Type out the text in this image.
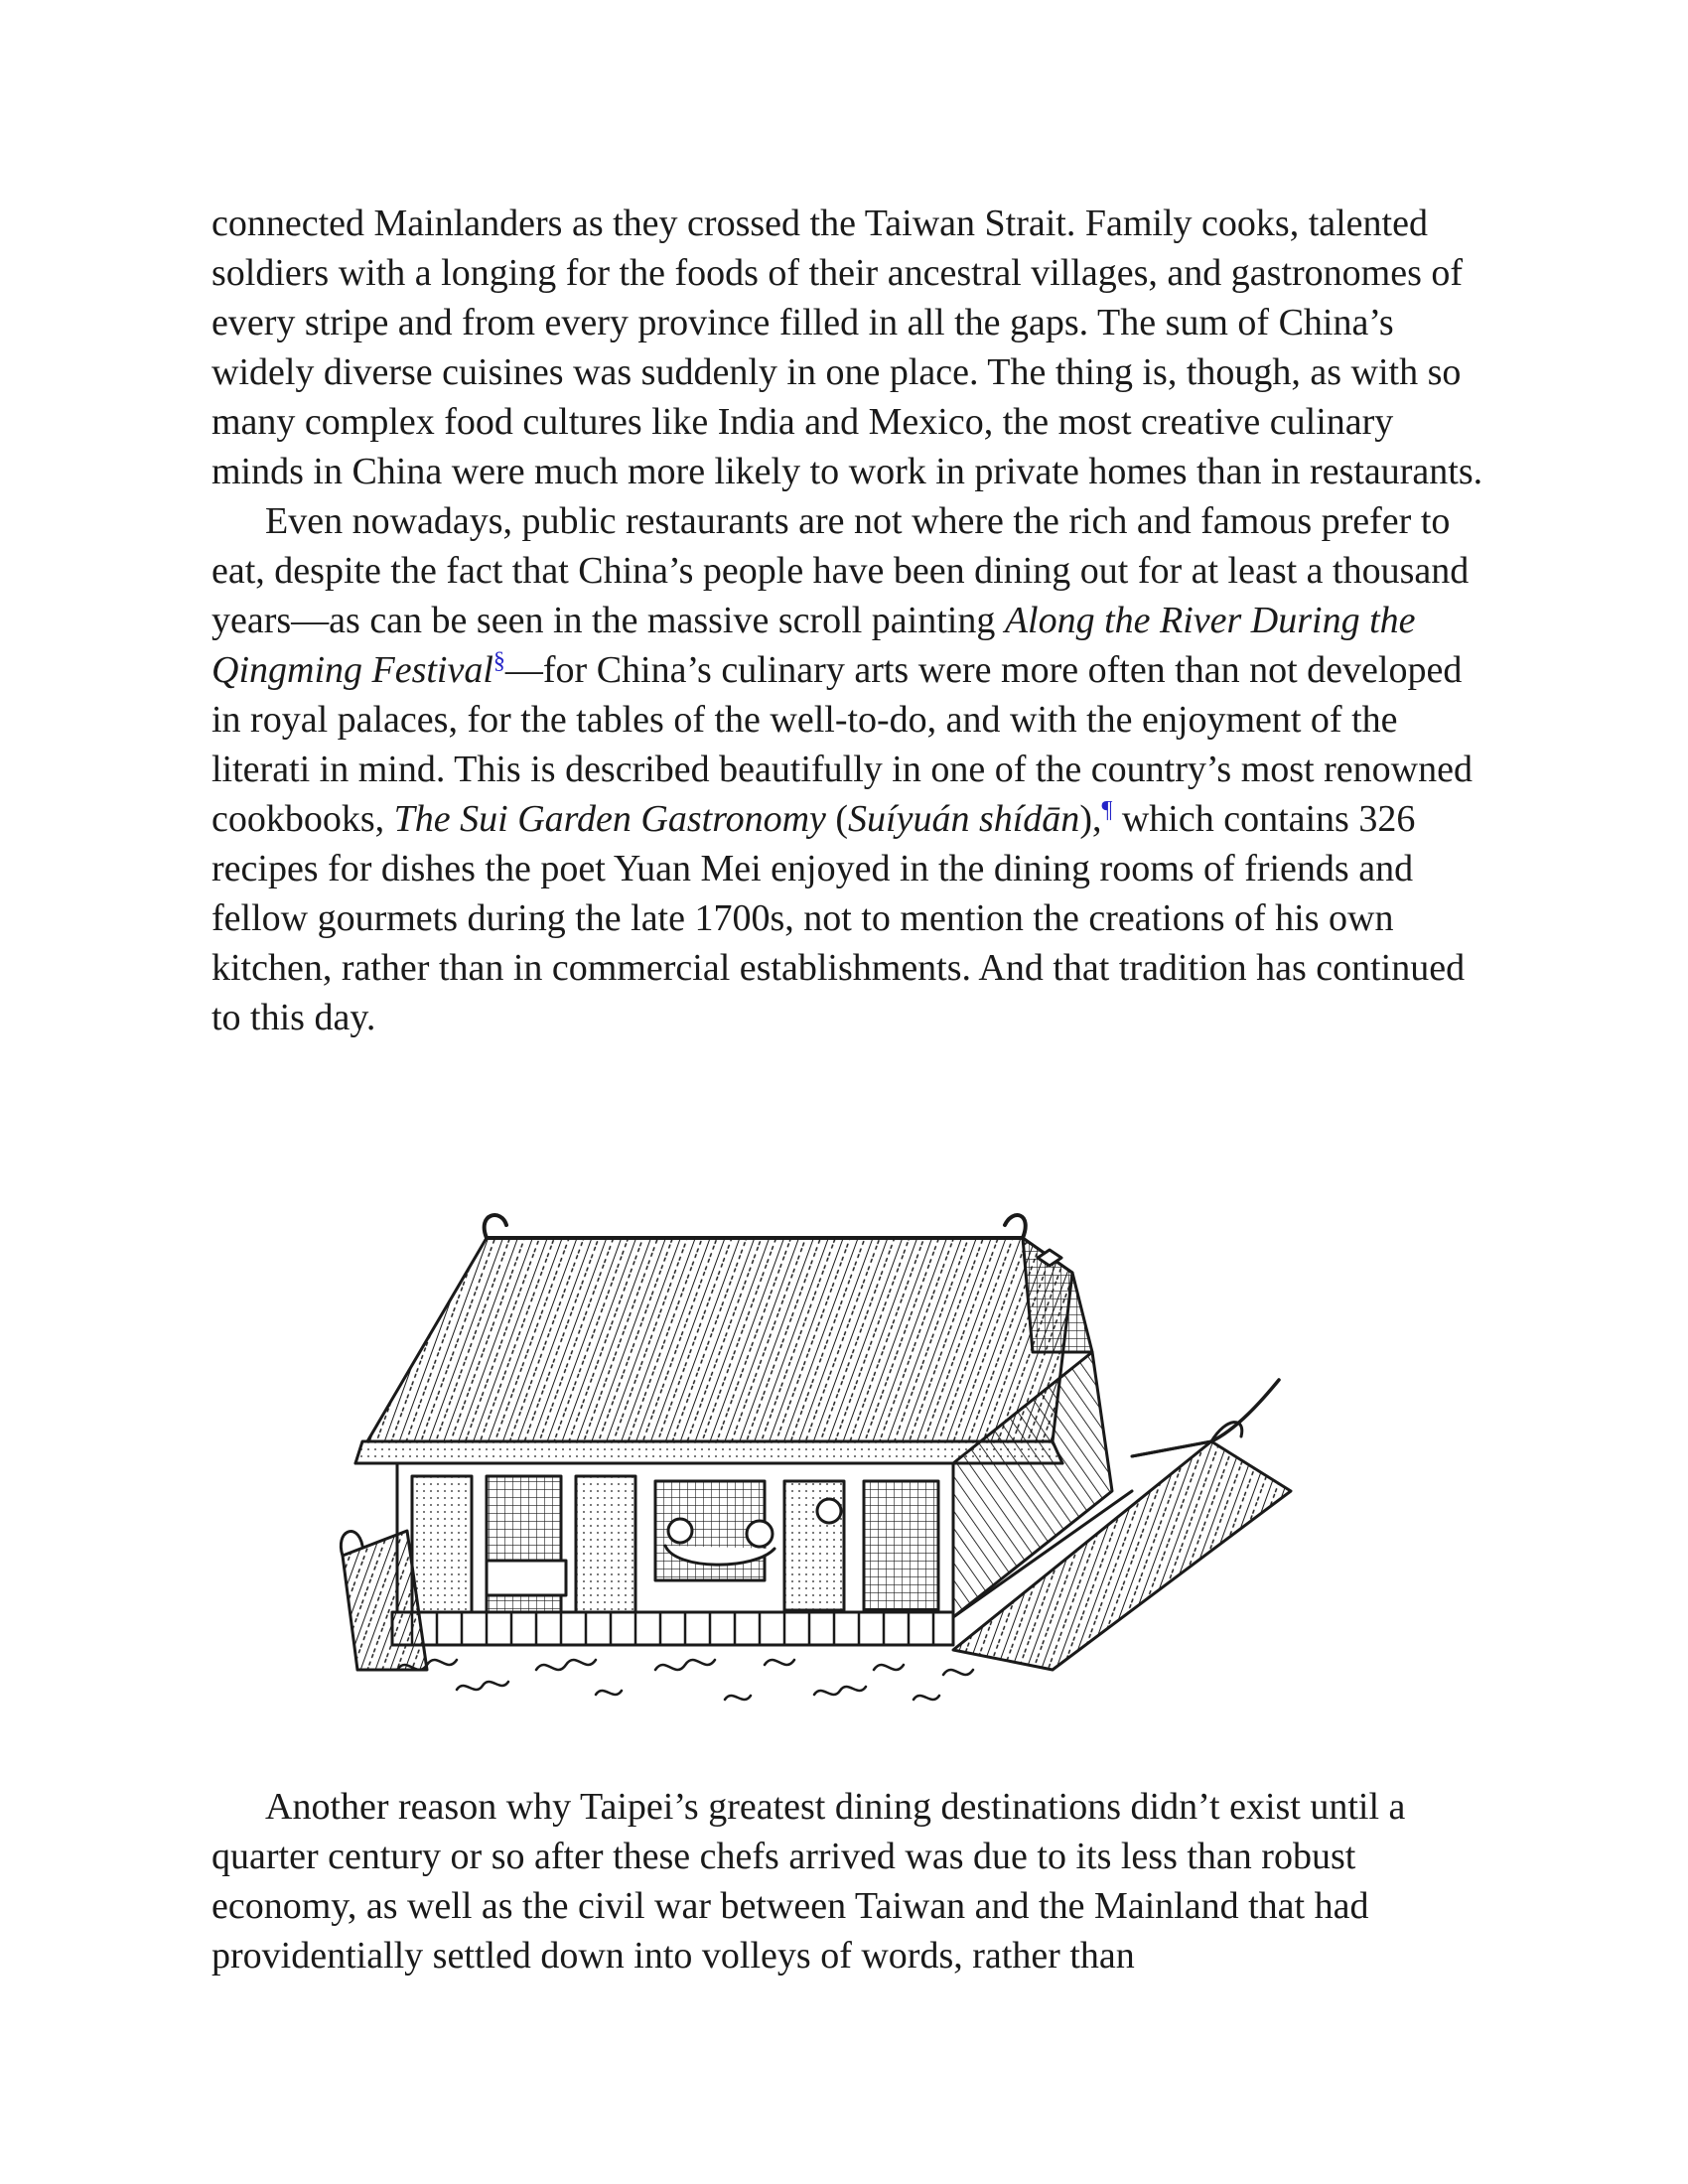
connected Mainlanders as they crossed the Taiwan Strait. Family cooks, talented soldiers with a longing for the foods of their ancestral villages, and gastronomes of every stripe and from every province filled in all the gaps. The sum of China’s widely diverse cuisines was suddenly in one place. The thing is, though, as with so many complex food cultures like India and Mexico, the most creative culinary minds in China were much more likely to work in private homes than in restaurants.

Even nowadays, public restaurants are not where the rich and famous prefer to eat, despite the fact that China’s people have been dining out for at least a thousand years—as can be seen in the massive scroll painting Along the River During the Qingming Festival§—for China’s culinary arts were more often than not developed in royal palaces, for the tables of the well-to-do, and with the enjoyment of the literati in mind. This is described beautifully in one of the country’s most renowned cookbooks, The Sui Garden Gastronomy (Suíyuán shídān),¶ which contains 326 recipes for dishes the poet Yuan Mei enjoyed in the dining rooms of friends and fellow gourmets during the late 1700s, not to mention the creations of his own kitchen, rather than in commercial establishments. And that tradition has continued to this day.

Another reason why Taipei’s greatest dining destinations didn’t exist until a quarter century or so after these chefs arrived was due to its less than robust economy, as well as the civil war between Taiwan and the Mainland that had providentially settled down into volleys of words, rather than
